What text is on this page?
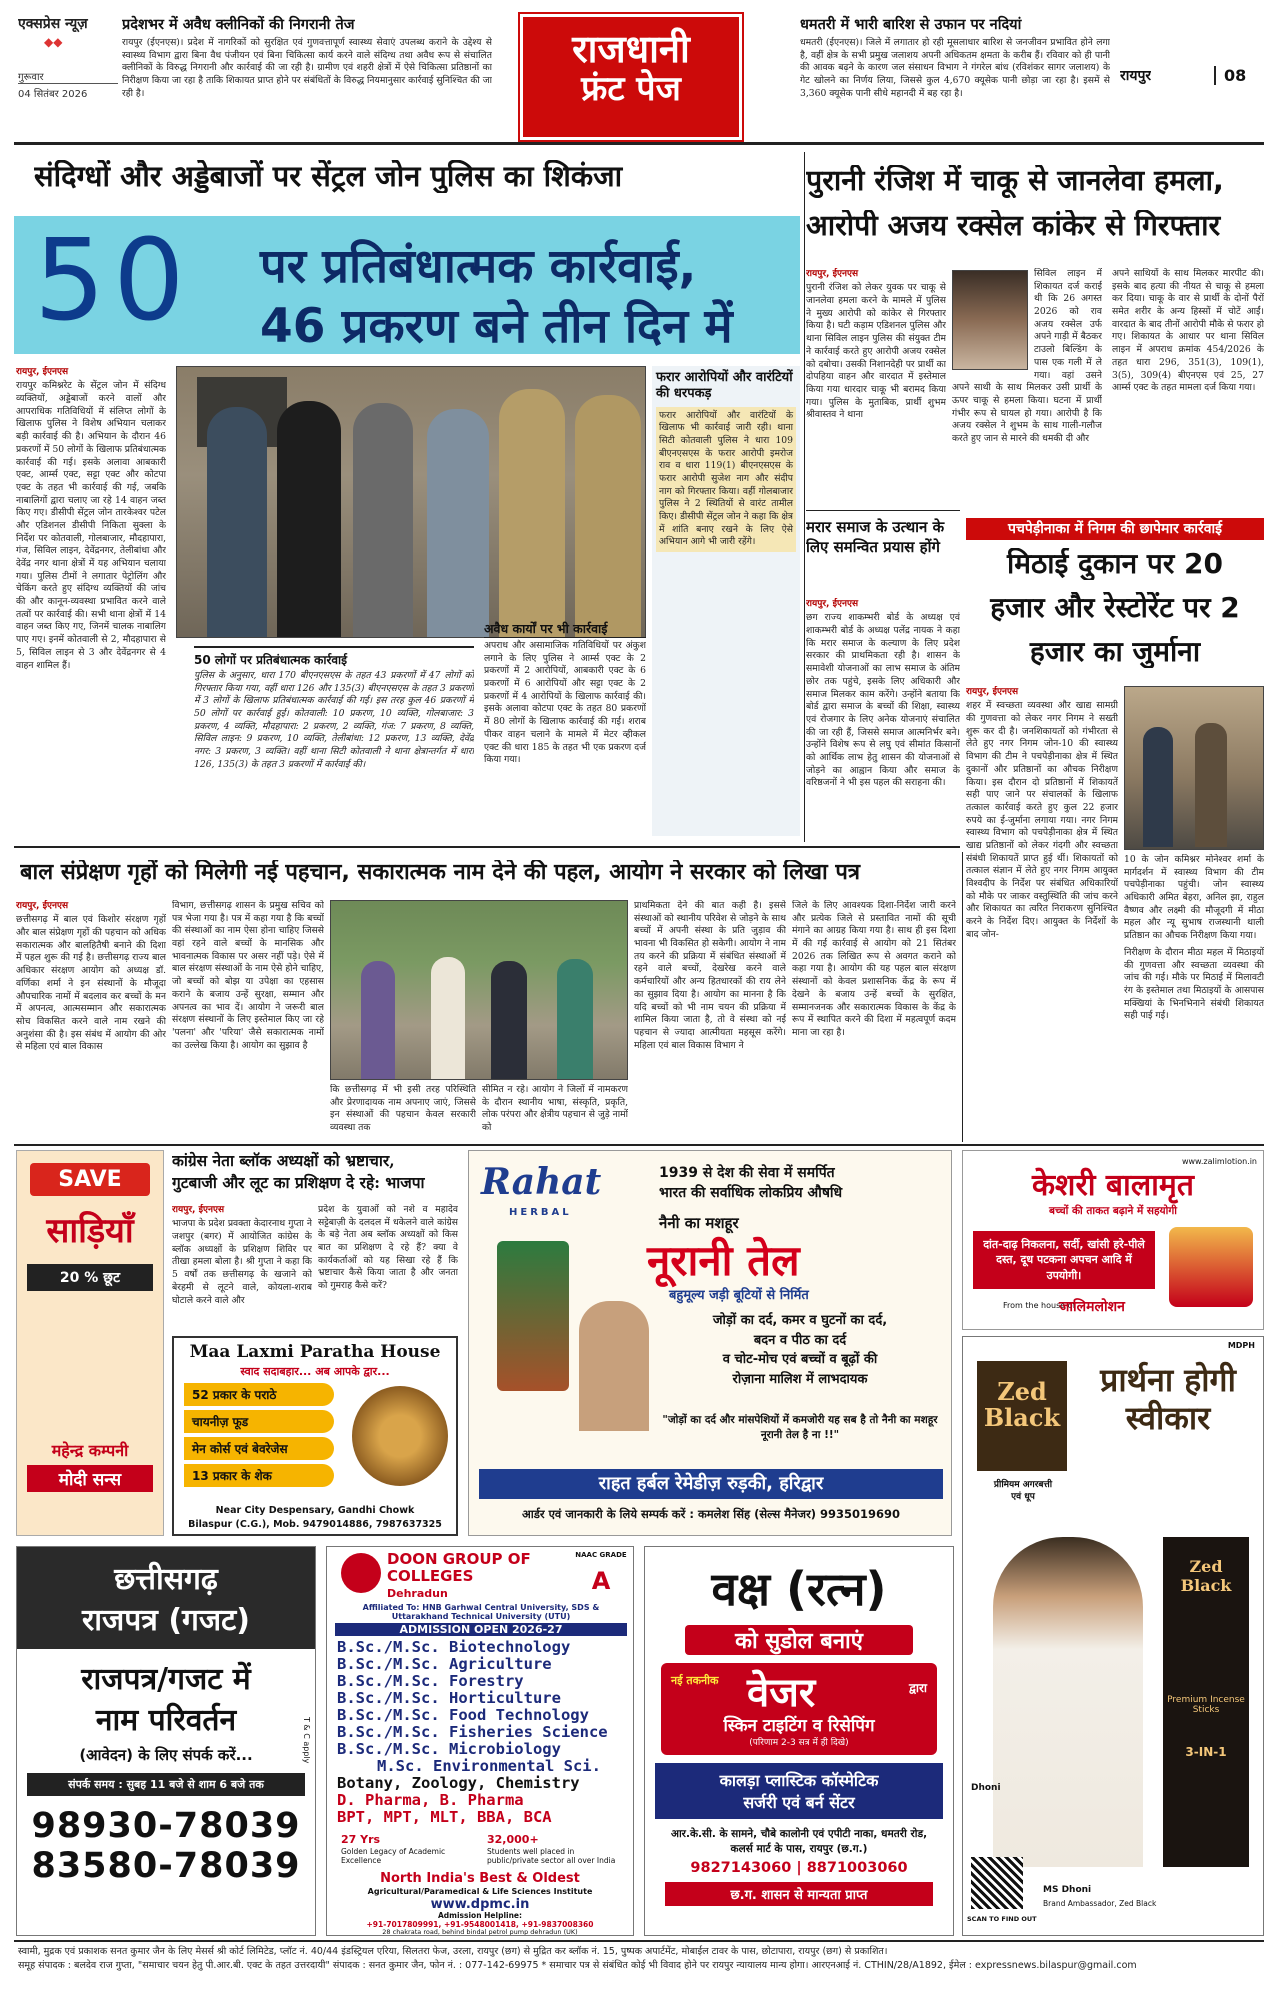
एक्सप्रेस न्यूज़
◆◆
गुरूवार
04 सितंबर 2026
प्रदेशभर में अवैध क्लीनिकों की निगरानी तेज
रायपुर (ईएनएस)। प्रदेश में नागरिकों को सुरक्षित एवं गुणवत्तापूर्ण स्वास्थ्य सेवाएं उपलब्ध कराने के उद्देश्य से स्वास्थ्य विभाग द्वारा बिना वैध पंजीयन एवं बिना चिकित्सा कार्य करने वाले संदिग्ध तथा अवैध रूप से संचालित क्लीनिकों के विरुद्ध निगरानी और कार्रवाई की जा रही है। ग्रामीण एवं शहरी क्षेत्रों में ऐसे चिकित्सा प्रतिष्ठानों का निरीक्षण किया जा रहा है ताकि शिकायत प्राप्त होने पर संबंधितों के विरुद्ध नियमानुसार कार्रवाई सुनिश्चित की जा रही है।
राजधानी
फ्रंट पेज
धमतरी में भारी बारिश से उफान पर नदियां
धमतरी (ईएनएस)। जिले में लगातार हो रही मूसलाधार बारिश से जनजीवन प्रभावित होने लगा है, वहीं क्षेत्र के सभी प्रमुख जलाशय अपनी अधिकतम क्षमता के करीब हैं। रविवार को ही पानी की आवक बढ़ने के कारण जल संसाधन विभाग ने गंगरेल बांध (रविशंकर सागर जलाशय) के गेट खोलने का निर्णय लिया, जिससे कुल 4,670 क्यूसेक पानी छोड़ा जा रहा है। इसमें से 3,360 क्यूसेक पानी सीधे महानदी में बह रहा है।
रायपुर	08
संदिग्धों और अड्डेबाजों पर सेंट्रल जोन पुलिस का शिकंजा
50 पर प्रतिबंधात्मक कार्रवाई,
46 प्रकरण बने तीन दिन में
रायपुर, ईएनएस
रायपुर कमिश्नरेट के सेंट्रल जोन में संदिग्ध व्यक्तियों, अड्डेबाजों करने वालों और आपराधिक गतिविधियों में संलिप्त लोगों के खिलाफ पुलिस ने विशेष अभियान चलाकर बड़ी कार्रवाई की है। अभियान के दौरान 46 प्रकरणों में 50 लोगों के खिलाफ प्रतिबंधात्मक कार्रवाई की गई। इसके अलावा आबकारी एक्ट, आर्म्स एक्ट, सट्टा एक्ट और कोटपा एक्ट के तहत भी कार्रवाई की गई, जबकि नाबालिगों द्वारा चलाए जा रहे 14 वाहन जब्त किए गए। डीसीपी सेंट्रल जोन तारकेश्वर पटेल और एडिशनल डीसीपी निकिता सुक्ला के निर्देश पर कोतवाली, गोलबाजार, मौदहापारा, गंज, सिविल लाइन, देवेंद्रनगर, तेलीबांधा और देवेंद्र नगर थाना क्षेत्रों में यह अभियान चलाया गया। पुलिस टीमों ने लगातार पेट्रोलिंग और चेकिंग करते हुए संदिग्ध व्यक्तियों की जांच की और कानून-व्यवस्था प्रभावित करने वाले तत्वों पर कार्रवाई की। सभी थाना क्षेत्रों में 14 वाहन जब्त किए गए, जिनमें चालक नाबालिग पाए गए। इनमें कोतवाली से 2, मौदहापारा से 5, सिविल लाइन से 3 और देवेंद्रनगर से 4 वाहन शामिल हैं।
फरार आरोपियों और वारंटियों की धरपकड़
फरार आरोपियों और वारंटियों के खिलाफ भी कार्रवाई जारी रही। थाना सिटी कोतवाली पुलिस ने धारा 109 बीएनएसएस के फरार आरोपी इमरोज राव व धारा 119(1) बीएनएसएस के फरार आरोपी सुजेश नाग और संदीप नाग को गिरफ्तार किया। वहीं गोलबाजार पुलिस ने 2 स्थितियों से वारंट तामील किए। डीसीपी सेंट्रल जोन ने कहा कि क्षेत्र में शांति बनाए रखने के लिए ऐसे अभियान आगे भी जारी रहेंगे।
50 लोगों पर प्रतिबंधात्मक कार्रवाई
पुलिस के अनुसार, धारा 170 बीएनएसएस के तहत 43 प्रकरणों में 47 लोगों को गिरफ्तार किया गया, वहीं धारा 126 और 135(3) बीएनएसएस के तहत 3 प्रकरणों में 3 लोगों के खिलाफ प्रतिबंधात्मक कार्रवाई की गई। इस तरह कुल 46 प्रकरणों में 50 लोगों पर कार्रवाई हुई। कोतवाली: 10 प्रकरण, 10 व्यक्ति, गोलबाजार: 3 प्रकरण, 4 व्यक्ति, मौदहापारा: 2 प्रकरण, 2 व्यक्ति, गंज: 7 प्रकरण, 8 व्यक्ति, सिविल लाइन: 9 प्रकरण, 10 व्यक्ति, तेलीबांधा: 12 प्रकरण, 13 व्यक्ति, देवेंद्र नगर: 3 प्रकरण, 3 व्यक्ति। वहीं थाना सिटी कोतवाली ने थाना क्षेत्रान्तर्गत में धारा 126, 135(3) के तहत 3 प्रकरणों में कार्रवाई की।
अवैध कार्यों पर भी कार्रवाई
अपराध और असामाजिक गतिविधियों पर अंकुश लगाने के लिए पुलिस ने आर्म्स एक्ट के 2 प्रकरणों में 2 आरोपियों, आबकारी एक्ट के 6 प्रकरणों में 6 आरोपियों और सट्टा एक्ट के 2 प्रकरणों में 4 आरोपियों के खिलाफ कार्रवाई की। इसके अलावा कोटपा एक्ट के तहत 80 प्रकरणों में 80 लोगों के खिलाफ कार्रवाई की गई। शराब पीकर वाहन चलाने के मामले में मेटर व्हीकल एक्ट की धारा 185 के तहत भी एक प्रकरण दर्ज किया गया।
पुरानी रंजिश में चाकू से जानलेवा हमला,
आरोपी अजय रक्सेल कांकेर से गिरफ्तार
रायपुर, ईएनएस
पुरानी रंजिश को लेकर युवक पर चाकू से जानलेवा हमला करने के मामले में पुलिस ने मुख्य आरोपी को कांकेर से गिरफ्तार किया है। घटी कड़ाम एडिशनल पुलिस और थाना सिविल लाइन पुलिस की संयुक्त टीम ने कार्रवाई करते हुए आरोपी अजय रक्सेल को दबोचा। उसकी निशानदेही पर प्रार्थी का दोपहिया वाहन और वारदात में इस्तेमाल किया गया धारदार चाकू भी बरामद किया गया। पुलिस के मुताबिक, प्रार्थी शुभम श्रीवास्तव ने थाना
सिविल लाइन में शिकायत दर्ज कराई थी कि 26 अगस्त 2026 को राव अजय रक्सेल उर्फ अपने गाड़ी में बैठकर टाउलो बिल्डिंग के पास एक गली में ले गया। वहां उसने अपने साथी के साथ मिलकर उसी प्रार्थी के ऊपर चाकू से हमला किया। घटना में प्रार्थी गंभीर रूप से घायल हो गया। आरोपी है कि अजय रक्सेल ने शुभम के साथ गाली-गलौज करते हुए जान से मारने की धमकी दी और
अपने साथियों के साथ मिलकर मारपीट की। इसके बाद हत्या की नीयत से चाकू से हमला कर दिया। चाकू के वार से प्रार्थी के दोनों पैरों समेत शरीर के अन्य हिस्सों में चोटें आईं। वारदात के बाद तीनों आरोपी मौके से फरार हो गए। शिकायत के आधार पर थाना सिविल लाइन में अपराध क्रमांक 454/2026 के तहत धारा 296, 351(3), 109(1), 3(5), 309(4) बीएनएस एवं 25, 27 आर्म्स एक्ट के तहत मामला दर्ज किया गया।
मरार समाज के उत्थान के लिए समन्वित प्रयास होंगे
रायपुर, ईएनएस
छग राज्य शाकम्भरी बोर्ड के अध्यक्ष एवं शाकम्भरी बोर्ड के अध्यक्ष पलेंद्र नायक ने कहा कि मरार समाज के कल्याण के लिए प्रदेश सरकार की प्राथमिकता रही है। शासन के समावेशी योजनाओं का लाभ समाज के अंतिम छोर तक पहुंचे, इसके लिए अधिकारी और समाज मिलकर काम करेंगे। उन्होंने बताया कि बोर्ड द्वारा समाज के बच्चों की शिक्षा, स्वास्थ्य एवं रोजगार के लिए अनेक योजनाएं संचालित की जा रही हैं, जिससे समाज आत्मनिर्भर बने। उन्होंने विशेष रूप से लघु एवं सीमांत किसानों को आर्थिक लाभ हेतु शासन की योजनाओं से जोड़ने का आह्वान किया और समाज के वरिष्ठजनों ने भी इस पहल की सराहना की।
पचपेड़ीनाका में निगम की छापेमार कार्रवाई
मिठाई दुकान पर 20
हजार और रेस्टोरेंट पर 2
हजार का जुर्माना
रायपुर, ईएनएस
शहर में स्वच्छता व्यवस्था और खाद्य सामग्री की गुणवत्ता को लेकर नगर निगम ने सख्ती शुरू कर दी है। जनशिकायतों को गंभीरता से लेते हुए नगर निगम जोन-10 की स्वास्थ्य विभाग की टीम ने पचपेड़ीनाका क्षेत्र में स्थित दुकानों और प्रतिष्ठानों का औचक निरीक्षण किया। इस दौरान दो प्रतिष्ठानों में शिकायतें सही पाए जाने पर संचालकों के खिलाफ तत्काल कार्रवाई करते हुए कुल 22 हजार रुपये का ई-जुर्माना लगाया गया। नगर निगम स्वास्थ्य विभाग को पचपेड़ीनाका क्षेत्र में स्थित खाद्य प्रतिष्ठानों को लेकर गंदगी और स्वच्छता संबंधी शिकायतें प्राप्त हुई थीं। शिकायतों को तत्काल संज्ञान में लेते हुए नगर निगम आयुक्त विश्वदीप के निर्देश पर संबंधित अधिकारियों को मौके पर जाकर वस्तुस्थिति की जांच करने और शिकायत का त्वरित निराकरण सुनिश्चित करने के निर्देश दिए। आयुक्त के निर्देशों के बाद जोन-
10 के जोन कमिश्नर मोनेश्वर शर्मा के मार्गदर्शन में स्वास्थ्य विभाग की टीम पचपेड़ीनाका पहुंची। जोन स्वास्थ्य अधिकारी अमित बेहरा, अनिल झा, राहुल वैष्णव और लक्ष्मी की मौजूदगी में मीठा महल और न्यू सुभाष राजस्थानी थाली प्रतिष्ठान का औचक निरीक्षण किया गया।
निरीक्षण के दौरान मीठा महल में मिठाइयों की गुणवत्ता और स्वच्छता व्यवस्था की जांच की गई। मौके पर मिठाई में मिलावटी रंग के इस्तेमाल तथा मिठाइयों के आसपास मक्खियां के भिनभिनाने संबंधी शिकायत सही पाई गई।
बाल संप्रेक्षण गृहों को मिलेगी नई पहचान, सकारात्मक नाम देने की पहल, आयोग ने सरकार को लिखा पत्र
रायपुर, ईएनएस
छत्तीसगढ़ में बाल एवं किशोर संरक्षण गृहों और बाल संप्रेक्षण गृहों की पहचान को अधिक सकारात्मक और बालहितैषी बनाने की दिशा में पहल शुरू की गई है। छत्तीसगढ़ राज्य बाल अधिकार संरक्षण आयोग को अध्यक्ष डॉ. वर्णिका शर्मा ने इन संस्थानों के मौजूदा औपचारिक नामों में बदलाव कर बच्चों के मन में अपनत्व, आत्मसम्मान और सकारात्मक सोच विकसित करने वाले नाम रखने की अनुशंसा की है। इस संबंध में आयोग की ओर से महिला एवं बाल विकास
विभाग, छत्तीसगढ़ शासन के प्रमुख सचिव को पत्र भेजा गया है। पत्र में कहा गया है कि बच्चों की संस्थाओं का नाम ऐसा होना चाहिए जिससे वहां रहने वाले बच्चों के मानसिक और भावनात्मक विकास पर असर नहीं पड़े। ऐसे में बाल संरक्षण संस्थाओं के नाम ऐसे होने चाहिए, जो बच्चों को बोझ या उपेक्षा का एहसास कराने के बजाय उन्हें सुरक्षा, सम्मान और अपनत्व का भाव दें। आयोग ने जरूरी बाल संरक्षण संस्थानों के लिए इस्तेमाल किए जा रहे 'पलना' और 'परिया' जैसे सकारात्मक नामों का उल्लेख किया है। आयोग का सुझाव है
कि छत्तीसगढ़ में भी इसी तरह परिस्थिति और प्रेरणादायक नाम अपनाए जाएं, जिससे इन संस्थाओं की पहचान केवल सरकारी व्यवस्था तक
सीमित न रहे। आयोग ने जिलों में नामकरण के दौरान स्थानीय भाषा, संस्कृति, प्रकृति, लोक परंपरा और क्षेत्रीय पहचान से जुड़े नामों को
प्राथमिकता देने की बात कही है। इससे संस्थाओं को स्थानीय परिवेश से जोड़ने के साथ बच्चों में अपनी संस्था के प्रति जुड़ाव की भावना भी विकसित हो सकेगी। आयोग ने नाम तय करने की प्रक्रिया में संबंधित संस्थाओं में रहने वाले बच्चों, देखरेख करने वाले कर्मचारियों और अन्य हितधारकों की राय लेने का सुझाव दिया है। आयोग का मानना है कि यदि बच्चों को भी नाम चयन की प्रक्रिया में शामिल किया जाता है, तो वे संस्था को नई पहचान से ज्यादा आत्मीयता महसूस करेंगे। महिला एवं बाल विकास विभाग ने
जिले के लिए आवश्यक दिशा-निर्देश जारी करने और प्रत्येक जिले से प्रस्तावित नामों की सूची मंगाने का आग्रह किया गया है। साथ ही इस दिशा में की गई कार्रवाई से आयोग को 21 सितंबर 2026 तक लिखित रूप से अवगत कराने को कहा गया है। आयोग की यह पहल बाल संरक्षण संस्थानों को केवल प्रशासनिक केंद्र के रूप में देखने के बजाय उन्हें बच्चों के सुरक्षित, सम्मानजनक और सकारात्मक विकास के केंद्र के रूप में स्थापित करने की दिशा में महत्वपूर्ण कदम माना जा रहा है।
SAVE
साड़ियाँ
20 % छूट
महेन्द्र कम्पनी
मोदी सन्स
कांग्रेस नेता ब्लॉक अध्यक्षों को भ्रष्टाचार,
गुटबाजी और लूट का प्रशिक्षण दे रहे: भाजपा
रायपुर, ईएनएस
भाजपा के प्रदेश प्रवक्ता केदारनाथ गुप्ता ने जशपुर (बगर) में आयोजित कांग्रेस के ब्लॉक अध्यक्षों के प्रशिक्षण शिविर पर तीखा हमला बोला है। श्री गुप्ता ने कहा कि 5 वर्षों तक छत्तीसगढ़ के खजाने को बेरहमी से लूटने वाले, कोयला-शराब घोटाले करने वाले और
प्रदेश के युवाओं को नशे व महादेव सट्टेबाज़ी के दलदल में धकेलने वाले कांग्रेस के बड़े नेता अब ब्लॉक अध्यक्षों को किस बात का प्रशिक्षण दे रहे हैं? क्या वे कार्यकर्ताओं को यह सिखा रहे हैं कि भ्रष्टाचार कैसे किया जाता है और जनता को गुमराह कैसे करें?
Maa Laxmi Paratha House
स्वाद सदाबहार... अब आपके द्वार...
52 प्रकार के पराठे
चायनीज़ फूड
मेन कोर्स एवं बेवरेजेस
13 प्रकार के शेक
Near City Despensary, Gandhi Chowk
Bilaspur (C.G.), Mob. 9479014886, 7987637325
Rahat
HERBAL
1939 से देश की सेवा में समर्पित
भारत की सर्वाधिक लोकप्रिय औषधि
नैनी का मशहूर
नूरानी तेल
बहुमूल्य जड़ी बूटियों से निर्मित
जोड़ों का दर्द, कमर व घुटनों का दर्द,
बदन व पीठ का दर्द
व चोट-मोच एवं बच्चों व बूढ़ों की
रोज़ाना मालिश में लाभदायक
"जोड़ों का दर्द और मांसपेशियों में कमजोरी यह सब है तो नैनी का मशहूर नूरानी तेल है ना !!"
राहत हर्बल रेमेडीज़ रुड़की, हरिद्वार
आर्डर एवं जानकारी के लिये सम्पर्क करें : कमलेश सिंह (सेल्स मैनेजर) 9935019690
www.zalimlotion.in
केशरी बालामृत
बच्चों की ताकत बढ़ाने में सहयोगी
दांत-दाढ़ निकलना, सर्दी, खांसी हरे-पीले दस्त, दूध पटकना अपचन आदि में उपयोगी।
From the house of
जालिमलोशन
छत्तीसगढ़
राजपत्र (गजट)
राजपत्र/गजट में
नाम परिवर्तन
(आवेदन) के लिए संपर्क करें...
संपर्क समय : सुबह 11 बजे से शाम 6 बजे तक
T & C apply
98930-78039
83580-78039
DOON GROUP OF COLLEGES
Dehradun
NAAC GRADE
A
Affiliated To: HNB Garhwal Central University, SDS & Uttarakhand Technical University (UTU)
ADMISSION OPEN 2026-27
B.Sc./M.Sc. Biotechnology
B.Sc./M.Sc. Agriculture
B.Sc./M.Sc. Forestry
B.Sc./M.Sc. Horticulture
B.Sc./M.Sc. Food Technology
B.Sc./M.Sc. Fisheries Science
B.Sc./M.Sc. Microbiology
M.Sc. Environmental Sci.
Botany, Zoology, Chemistry
D. Pharma, B. Pharma
BPT, MPT, MLT, BBA, BCA
27 Yrs
Golden Legacy of Academic Excellence
32,000+
Students well placed in public/private sector all over India
North India's Best & Oldest
Agricultural/Paramedical & Life Sciences Institute
www.dpmc.in
Admission Helpline:
+91-7017809991, +91-9548001418, +91-9837008360
28 chakrata road, behind bindal petrol pump dehradun (UK)
वक्ष (रत्न)
को सुडोल बनाएं
नई तकनीक वेजर	द्वारा
स्किन टाइटिंग व रिसेपिंग
(परिणाम 2-3 सत्र में ही दिखे)
कालड़ा प्लास्टिक कॉस्मेटिक
सर्जरी एवं बर्न सेंटर
आर.के.सी. के सामने, चौबे कालोनी एवं एपीटी नाका, धमतरी रोड, कलर्स मार्ट के पास, रायपुर (छ.ग.)
9827143060 | 8871003060
छ.ग. शासन से मान्यता प्राप्त
MDPH
Zed Black
प्रीमियम अगरबत्ती
एवं धूप
प्रार्थना होगी स्वीकार
Zed Black
Premium Incense Sticks
3-IN-1
Dhoni
SCAN TO FIND OUT
MS Dhoni
Brand Ambassador, Zed Black
स्वामी, मुद्रक एवं प्रकाशक सनत कुमार जैन के लिए मेसर्स श्री कोर्ट लिमिटेड, प्लॉट नं. 40/44 इंडस्ट्रियल एरिया, सिलतरा फेज, उरला, रायपुर (छग) से मुद्रित कर ब्लॉक नं. 15, पुष्पक अपार्टमेंट, मोबाईल टावर के पास, छोटापारा, रायपुर (छग) से प्रकाशित।
समूह संपादक : बलदेव राज गुप्ता, "समाचार चयन हेतु पी.आर.बी. एक्ट के तहत उत्तरदायी" संपादक : सनत कुमार जैन, फोन नं. : 077-142-69975 * समाचार पत्र से संबंधित कोई भी विवाद होने पर रायपुर न्यायालय मान्य होगा। आरएनआई नं. CTHIN/28/A1892, ईमेल : expressnews.bilaspur@gmail.com
